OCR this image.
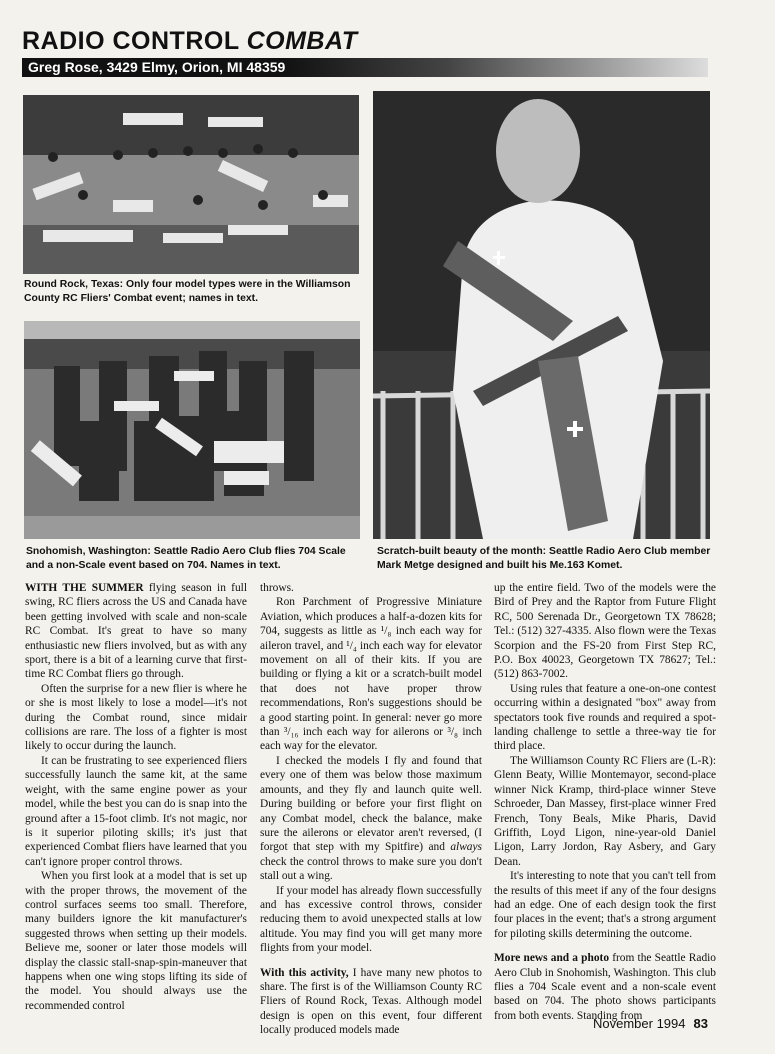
RADIO CONTROL COMBAT
Greg Rose, 3429 Elmy, Orion, MI 48359
Round Rock, Texas: Only four model types were in the Williamson County RC Fliers' Combat event; names in text.
Snohomish, Washington: Seattle Radio Aero Club flies 704 Scale and a non-Scale event based on 704. Names in text.
Scratch-built beauty of the month: Seattle Radio Aero Club member Mark Metge designed and built his Me.163 Komet.

WITH THE SUMMER flying season in full swing, RC fliers across the US and Canada have been getting involved with scale and non-scale RC Combat. It's great to have so many enthusiastic new fliers involved, but as with any sport, there is a bit of a learning curve that first-time RC Combat fliers go through.

Often the surprise for a new flier is where he or she is most likely to lose a model—it's not during the Combat round, since midair collisions are rare. The loss of a fighter is most likely to occur during the launch.

It can be frustrating to see experienced fliers successfully launch the same kit, at the same weight, with the same engine power as your model, while the best you can do is snap into the ground after a 15-foot climb. It's not magic, nor is it superior piloting skills; it's just that experienced Combat fliers have learned that you can't ignore proper control throws.

When you first look at a model that is set up with the proper throws, the movement of the control surfaces seems too small. Therefore, many builders ignore the kit manufacturer's suggested throws when setting up their models. Believe me, sooner or later those models will display the classic stall-snap-spin-maneuver that happens when one wing stops lifting its side of the model. You should always use the recommended control

throws.

Ron Parchment of Progressive Miniature Aviation, which produces a half-a-dozen kits for 704, suggests as little as ¹/₈ inch each way for aileron travel, and ¹/₄ inch each way for elevator movement on all of their kits. If you are building or flying a kit or a scratch-built model that does not have proper throw recommendations, Ron's suggestions should be a good starting point. In general: never go more than ³/₁₆ inch each way for ailerons or ³/₈ inch each way for the elevator.

I checked the models I fly and found that every one of them was below those maximum amounts, and they fly and launch quite well. During building or before your first flight on any Combat model, check the balance, make sure the ailerons or elevator aren't reversed, (I forgot that step with my Spitfire) and always check the control throws to make sure you don't stall out a wing.

If your model has already flown successfully and has excessive control throws, consider reducing them to avoid unexpected stalls at low altitude. You may find you will get many more flights from your model.

With this activity, I have many new photos to share. The first is of the Williamson County RC Fliers of Round Rock, Texas. Although model design is open on this event, four different locally produced models made

up the entire field. Two of the models were the Bird of Prey and the Raptor from Future Flight RC, 500 Serenada Dr., Georgetown TX 78628; Tel.: (512) 327-4335. Also flown were the Texas Scorpion and the FS-20 from First Step RC, P.O. Box 40023, Georgetown TX 78627; Tel.: (512) 863-7002.

Using rules that feature a one-on-one contest occurring within a designated "box" away from spectators took five rounds and required a spot-landing challenge to settle a three-way tie for third place.

The Williamson County RC Fliers are (L-R): Glenn Beaty, Willie Montemayor, second-place winner Nick Kramp, third-place winner Steve Schroeder, Dan Massey, first-place winner Fred French, Tony Beals, Mike Pharis, David Griffith, Loyd Ligon, nine-year-old Daniel Ligon, Larry Jordon, Ray Asbery, and Gary Dean.

It's interesting to note that you can't tell from the results of this meet if any of the four designs had an edge. One of each design took the first four places in the event; that's a strong argument for piloting skills determining the outcome.

More news and a photo from the Seattle Radio Aero Club in Snohomish, Washington. This club flies a 704 Scale event and a non-scale event based on 704. The photo shows participants from both events. Standing from

November 1994 83
